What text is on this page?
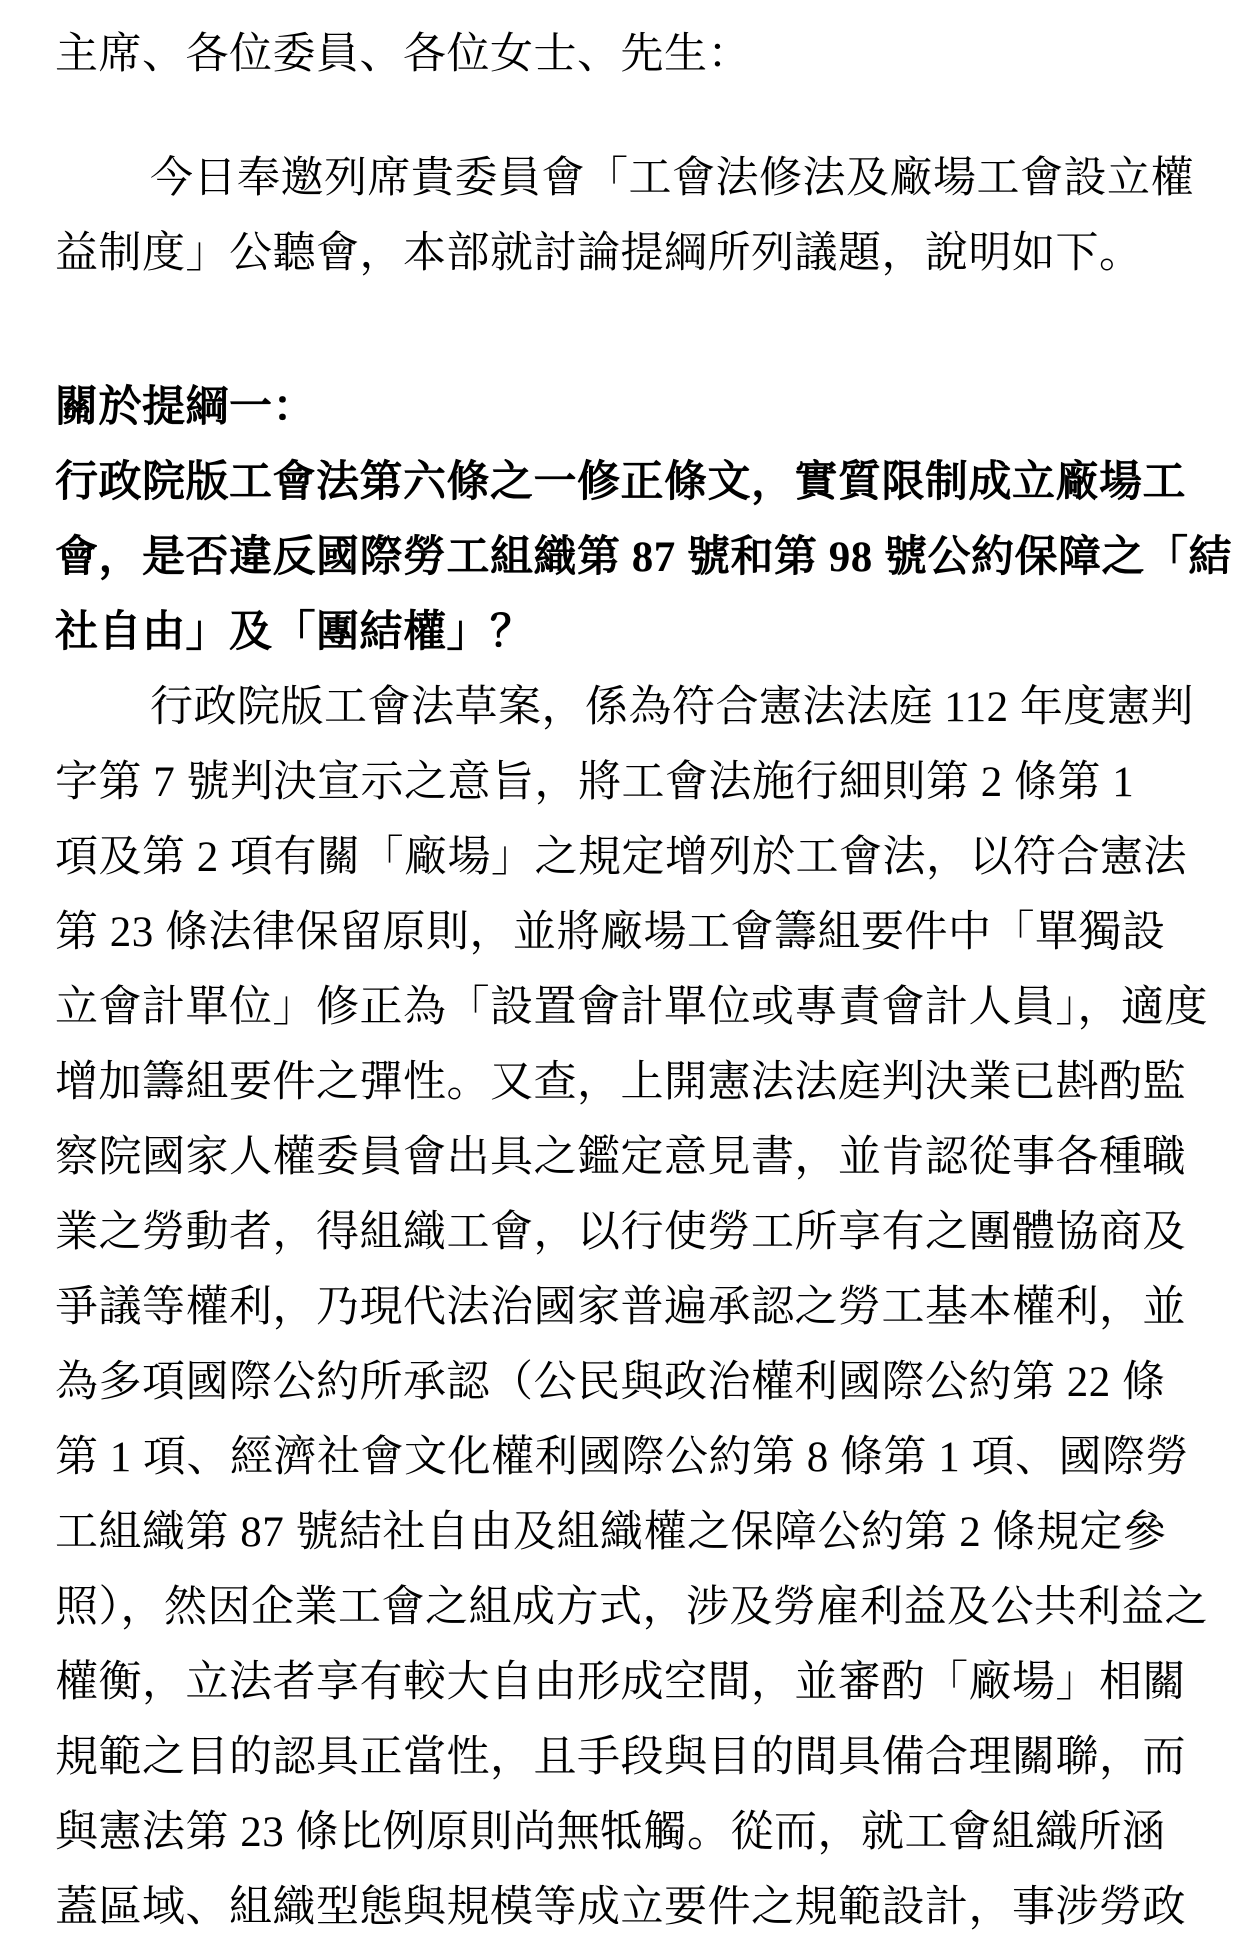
主席、各位委員、各位女士、先生：
今日奉邀列席貴委員會「工會法修法及廠場工會設立權
益制度」公聽會，本部就討論提綱所列議題，說明如下。
關於提綱一：
行政院版工會法第六條之一修正條文，實質限制成立廠場工
會，是否違反國際勞工組織第 87 號和第 98 號公約保障之「結
社自由」及「團結權」？
行政院版工會法草案，係為符合憲法法庭 112 年度憲判
字第 7 號判決宣示之意旨，將工會法施行細則第 2 條第 1
項及第 2 項有關「廠場」之規定增列於工會法，以符合憲法
第 23 條法律保留原則，並將廠場工會籌組要件中「單獨設
立會計單位」修正為「設置會計單位或專責會計人員」，適度
增加籌組要件之彈性。又查，上開憲法法庭判決業已斟酌監
察院國家人權委員會出具之鑑定意見書，並肯認從事各種職
業之勞動者，得組織工會，以行使勞工所享有之團體協商及
爭議等權利，乃現代法治國家普遍承認之勞工基本權利，並
為多項國際公約所承認（公民與政治權利國際公約第 22 條
第 1 項、經濟社會文化權利國際公約第 8 條第 1 項、國際勞
工組織第 87 號結社自由及組織權之保障公約第 2 條規定參
照），然因企業工會之組成方式，涉及勞雇利益及公共利益之
權衡，立法者享有較大自由形成空間，並審酌「廠場」相關
規範之目的認具正當性，且手段與目的間具備合理關聯，而
與憲法第 23 條比例原則尚無牴觸。從而，就工會組織所涵
蓋區域、組織型態與規模等成立要件之規範設計，事涉勞政
